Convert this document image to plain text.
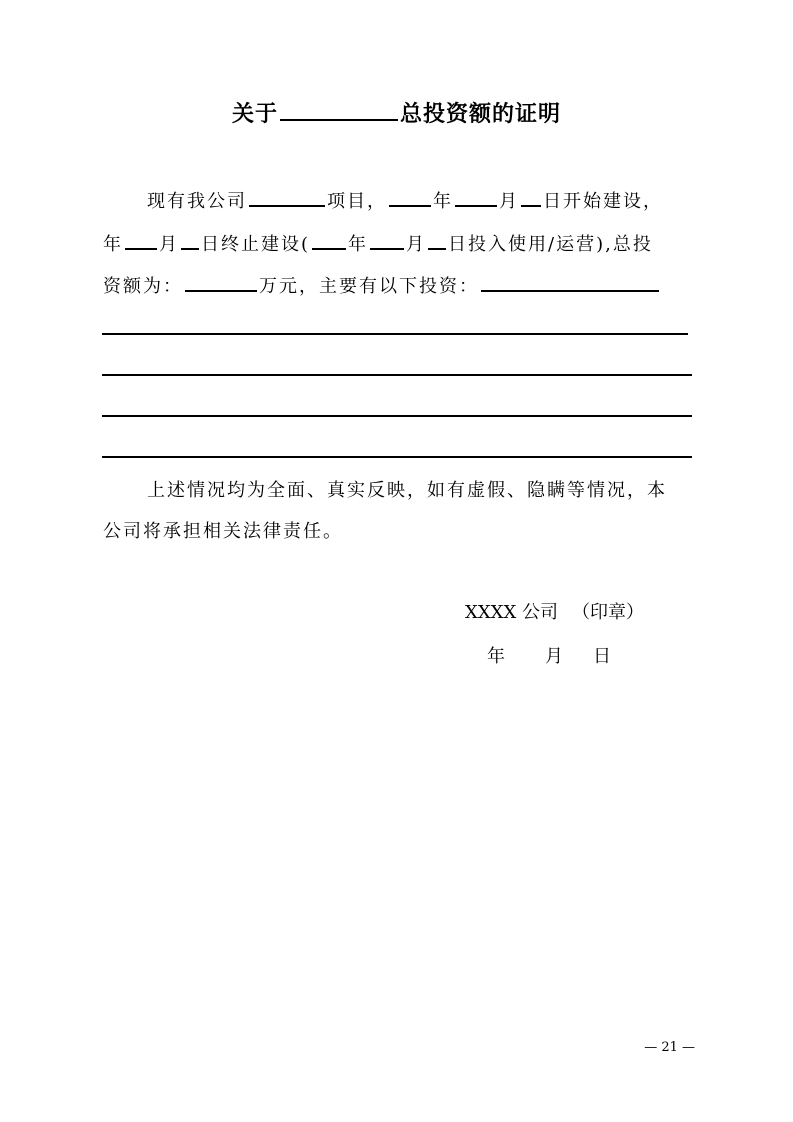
关于	总投资额的证明
现有我公司	项目，	年	月 日开始建设，
年 月 日终止建设( 年 月 日投入使用/运营),总投
资额为：	万元，主要有以下投资：
上述情况均为全面、真实反映，如有虚假、隐瞒等情况，本
公司将承担相关法律责任。
XXXX 公司 （印章）
年 月 日
— 21 —
